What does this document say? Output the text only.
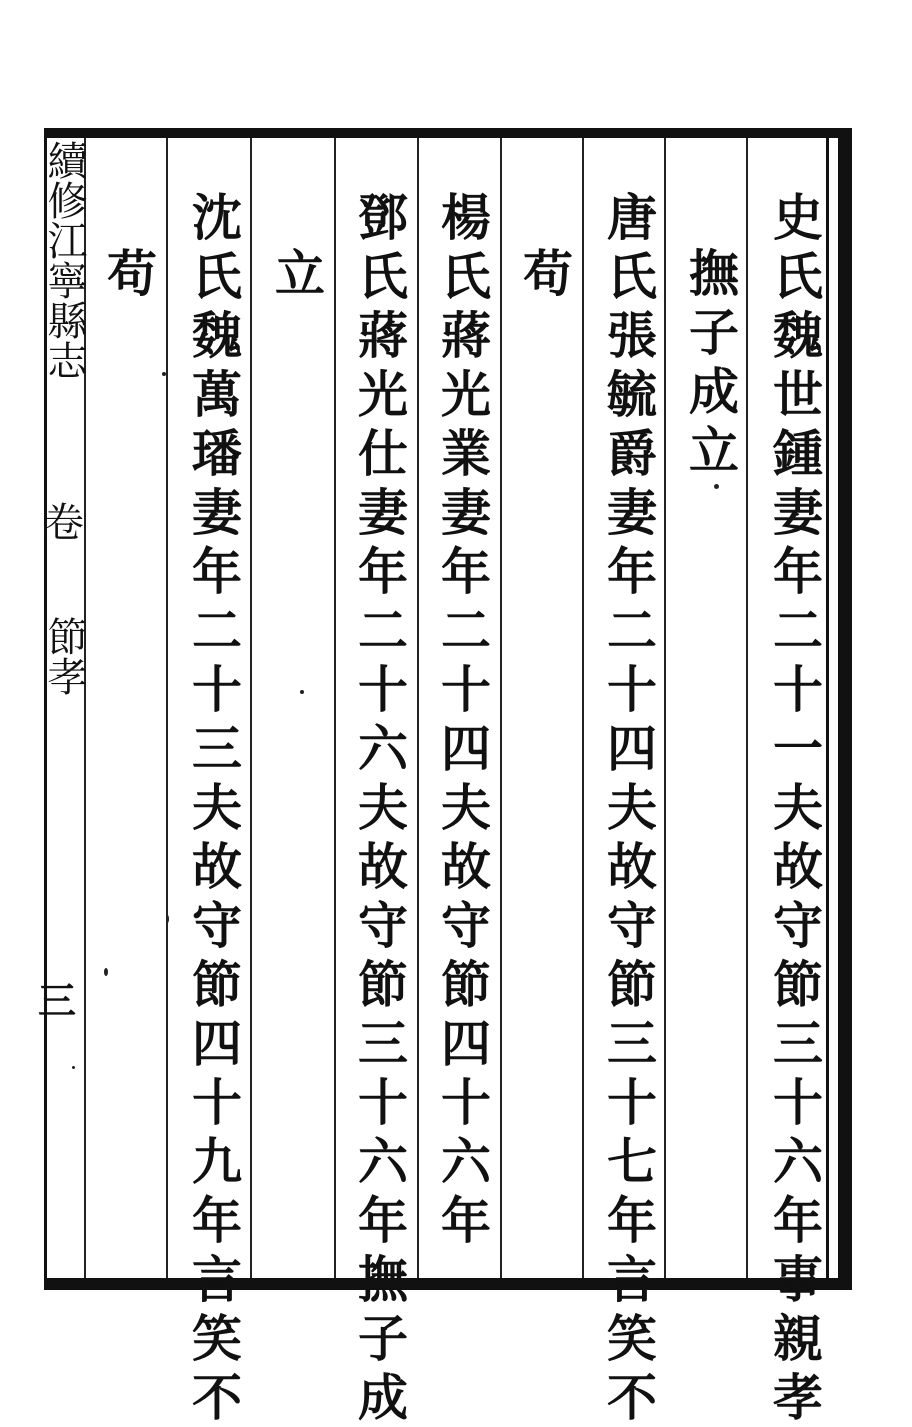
續修江寧縣志
卷
節孝
三
史
氏
魏
世
鍾
妻
年
二
十
一
夫
故
守
節
三
十
六
年
事
親
孝
撫
子
成
立
唐
氏
張
毓
爵
妻
年
二
十
四
夫
故
守
節
三
十
七
年
言
笑
不
苟
楊
氏
蔣
光
業
妻
年
二
十
四
夫
故
守
節
四
十
六
年
鄧
氏
蔣
光
仕
妻
年
二
十
六
夫
故
守
節
三
十
六
年
撫
子
成
立
沈
氏
魏
萬
璠
妻
年
二
十
三
夫
故
守
節
四
十
九
年
言
笑
不
苟
